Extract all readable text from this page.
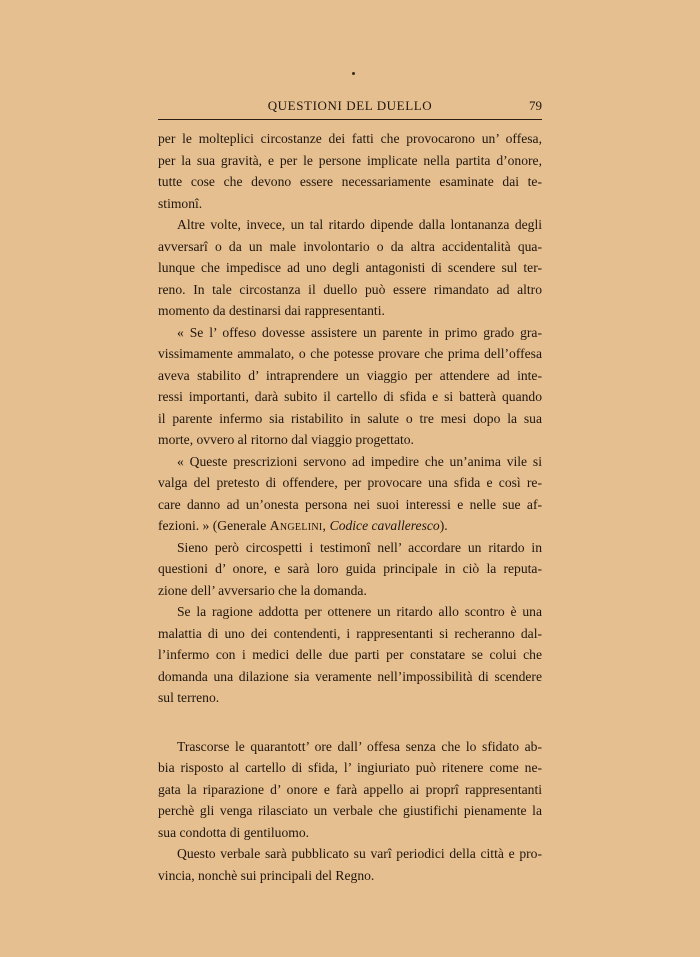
QUESTIONI DEL DUELLO	79
per le molteplici circostanze dei fatti che provocarono un’ offesa,
per la sua gravità, e per le persone implicate nella partita d’onore,
tutte cose che devono essere necessariamente esaminate dai te-
stimonî.
Altre volte, invece, un tal ritardo dipende dalla lontananza degli
avversarî o da un male involontario o da altra accidentalità qua-
lunque che impedisce ad uno degli antagonisti di scendere sul ter-
reno. In tale circostanza il duello può essere rimandato ad altro
momento da destinarsi dai rappresentanti.
« Se l’ offeso dovesse assistere un parente in primo grado gra-
vissimamente ammalato, o che potesse provare che prima dell’offesa
aveva stabilito d’ intraprendere un viaggio per attendere ad inte-
ressi importanti, darà subito il cartello di sfida e si batterà quando
il parente infermo sia ristabilito in salute o tre mesi dopo la sua
morte, ovvero al ritorno dal viaggio progettato.
« Queste prescrizioni servono ad impedire che un’anima vile si
valga del pretesto di offendere, per provocare una sfida e così re-
care danno ad un’onesta persona nei suoi interessi e nelle sue af-
fezioni. » (Generale Angelini, Codice cavalleresco).
Sieno però circospetti i testimonî nell’ accordare un ritardo in
questioni d’ onore, e sarà loro guida principale in ciò la reputa-
zione dell’ avversario che la domanda.
Se la ragione addotta per ottenere un ritardo allo scontro è una
malattia di uno dei contendenti, i rappresentanti si recheranno dal-
l’infermo con i medici delle due parti per constatare se colui che
domanda una dilazione sia veramente nell’impossibilità di scendere
sul terreno.
Trascorse le quarantott’ ore dall’ offesa senza che lo sfidato ab-
bia risposto al cartello di sfida, l’ ingiuriato può ritenere come ne-
gata la riparazione d’ onore e farà appello ai proprî rappresentanti
perchè gli venga rilasciato un verbale che giustifichi pienamente la
sua condotta di gentiluomo.
Questo verbale sarà pubblicato su varî periodici della città e pro-
vincia, nonchè sui principali del Regno.
